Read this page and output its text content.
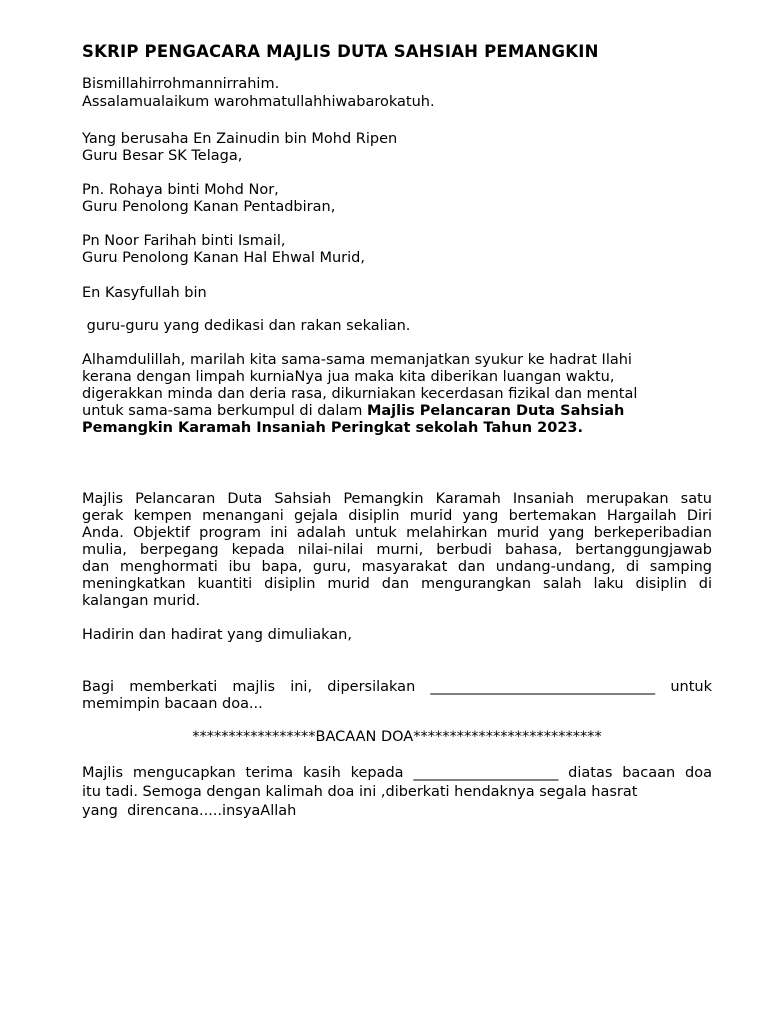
SKRIP PENGACARA MAJLIS DUTA SAHSIAH PEMANGKIN
Bismillahirrohmannirrahim.
Assalamualaikum warohmatullahhiwabarokatuh.
Yang berusaha En Zainudin bin Mohd Ripen
Guru Besar SK Telaga,
Pn. Rohaya binti Mohd Nor,
Guru Penolong Kanan Pentadbiran,
Pn Noor Farihah binti Ismail,
Guru Penolong Kanan Hal Ehwal Murid,
En Kasyfullah bin
guru-guru yang dedikasi dan rakan sekalian.
Alhamdulillah, marilah kita sama-sama memanjatkan syukur ke hadrat Ilahi
kerana dengan limpah kurniaNya jua maka kita diberikan luangan waktu,
digerakkan minda dan deria rasa, dikurniakan kecerdasan fizikal dan mental
untuk sama-sama berkumpul di dalam Majlis Pelancaran Duta Sahsiah
Pemangkin Karamah Insaniah Peringkat sekolah Tahun 2023.
Majlis Pelancaran Duta Sahsiah Pemangkin Karamah Insaniah merupakan satu
gerak kempen menangani gejala disiplin murid yang bertemakan Hargailah Diri
Anda. Objektif program ini adalah untuk melahirkan murid yang berkeperibadian
mulia, berpegang kepada nilai-nilai murni, berbudi bahasa, bertanggungjawab
dan menghormati ibu bapa, guru, masyarakat dan undang-undang, di samping
meningkatkan kuantiti disiplin murid dan mengurangkan salah laku disiplin di
kalangan murid.
Hadirin dan hadirat yang dimuliakan,
Bagi memberkati majlis ini, dipersilakan _______________________________ untuk
memimpin bacaan doa...
*****************BACAAN DOA**************************
Majlis mengucapkan terima kasih kepada ____________________ diatas bacaan doa
itu tadi. Semoga dengan kalimah doa ini ,diberkati hendaknya segala hasrat
yang  direncana.....insyaAllah
